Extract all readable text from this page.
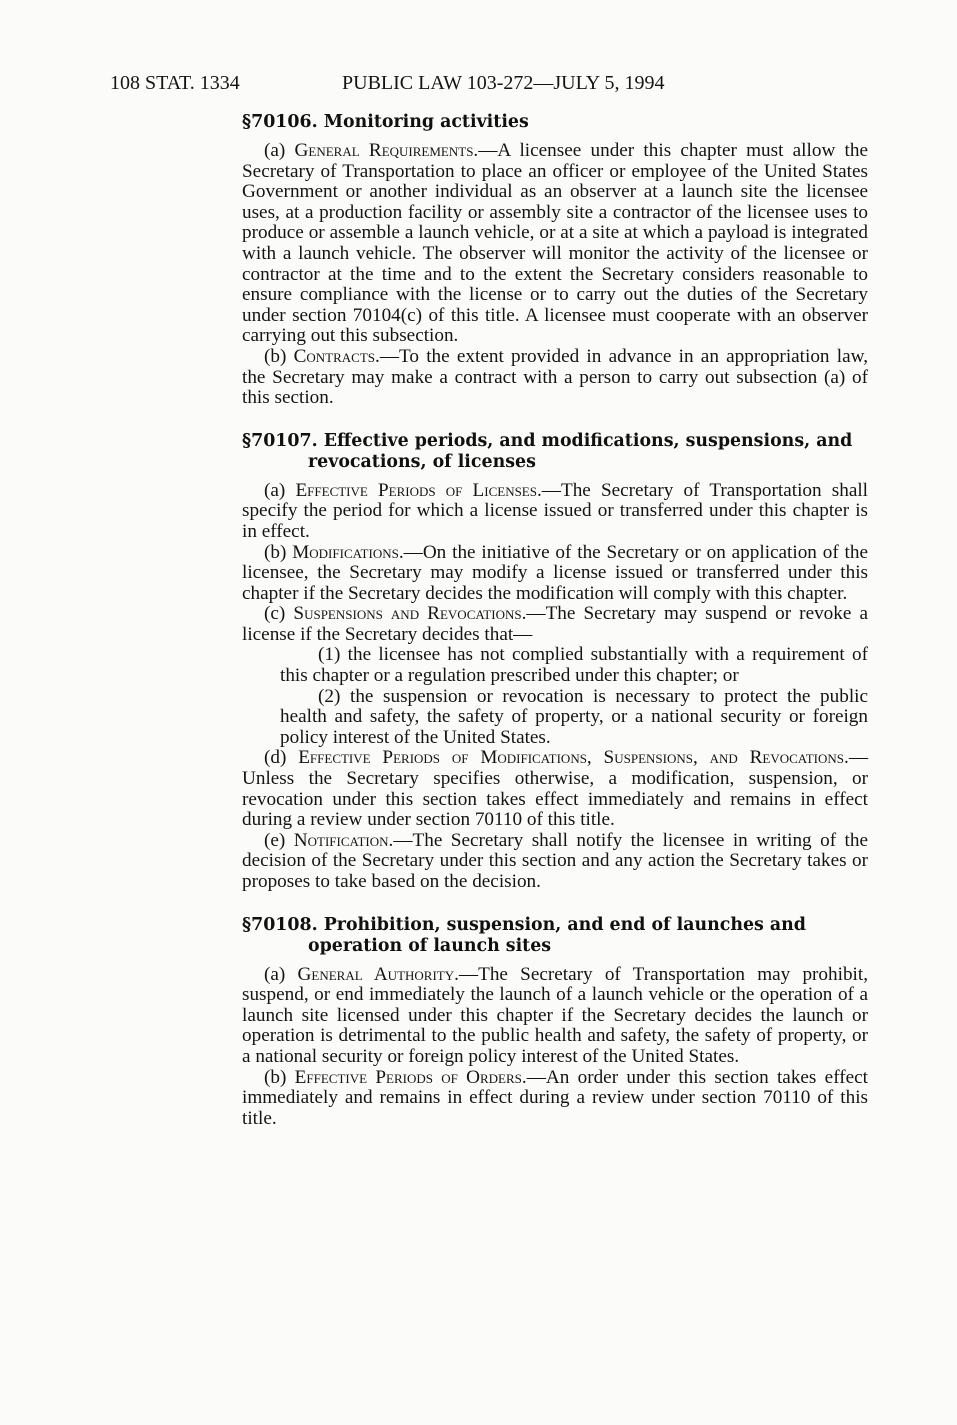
108 STAT. 1334	PUBLIC LAW 103-272—JULY 5, 1994
§70106. Monitoring activities

(a) General Requirements.—A licensee under this chapter must allow the Secretary of Transportation to place an officer or employee of the United States Government or another individual as an observer at a launch site the licensee uses, at a production facility or assembly site a contractor of the licensee uses to produce or assemble a launch vehicle, or at a site at which a payload is integrated with a launch vehicle. The observer will monitor the activity of the licensee or contractor at the time and to the extent the Secretary considers reasonable to ensure compliance with the license or to carry out the duties of the Secretary under section 70104(c) of this title. A licensee must cooperate with an observer carrying out this subsection.

(b) Contracts.—To the extent provided in advance in an appropriation law, the Secretary may make a contract with a person to carry out subsection (a) of this section.

§70107. Effective periods, and modifications, suspensions, and revocations, of licenses

(a) Effective Periods of Licenses.—The Secretary of Transportation shall specify the period for which a license issued or transferred under this chapter is in effect.

(b) Modifications.—On the initiative of the Secretary or on application of the licensee, the Secretary may modify a license issued or transferred under this chapter if the Secretary decides the modification will comply with this chapter.

(c) Suspensions and Revocations.—The Secretary may suspend or revoke a license if the Secretary decides that—

(1) the licensee has not complied substantially with a requirement of this chapter or a regulation prescribed under this chapter; or

(2) the suspension or revocation is necessary to protect the public health and safety, the safety of property, or a national security or foreign policy interest of the United States.

(d) Effective Periods of Modifications, Suspensions, and Revocations.—Unless the Secretary specifies otherwise, a modification, suspension, or revocation under this section takes effect immediately and remains in effect during a review under section 70110 of this title.

(e) Notification.—The Secretary shall notify the licensee in writing of the decision of the Secretary under this section and any action the Secretary takes or proposes to take based on the decision.

§70108. Prohibition, suspension, and end of launches and operation of launch sites

(a) General Authority.—The Secretary of Transportation may prohibit, suspend, or end immediately the launch of a launch vehicle or the operation of a launch site licensed under this chapter if the Secretary decides the launch or operation is detrimental to the public health and safety, the safety of property, or a national security or foreign policy interest of the United States.

(b) Effective Periods of Orders.—An order under this section takes effect immediately and remains in effect during a review under section 70110 of this title.
